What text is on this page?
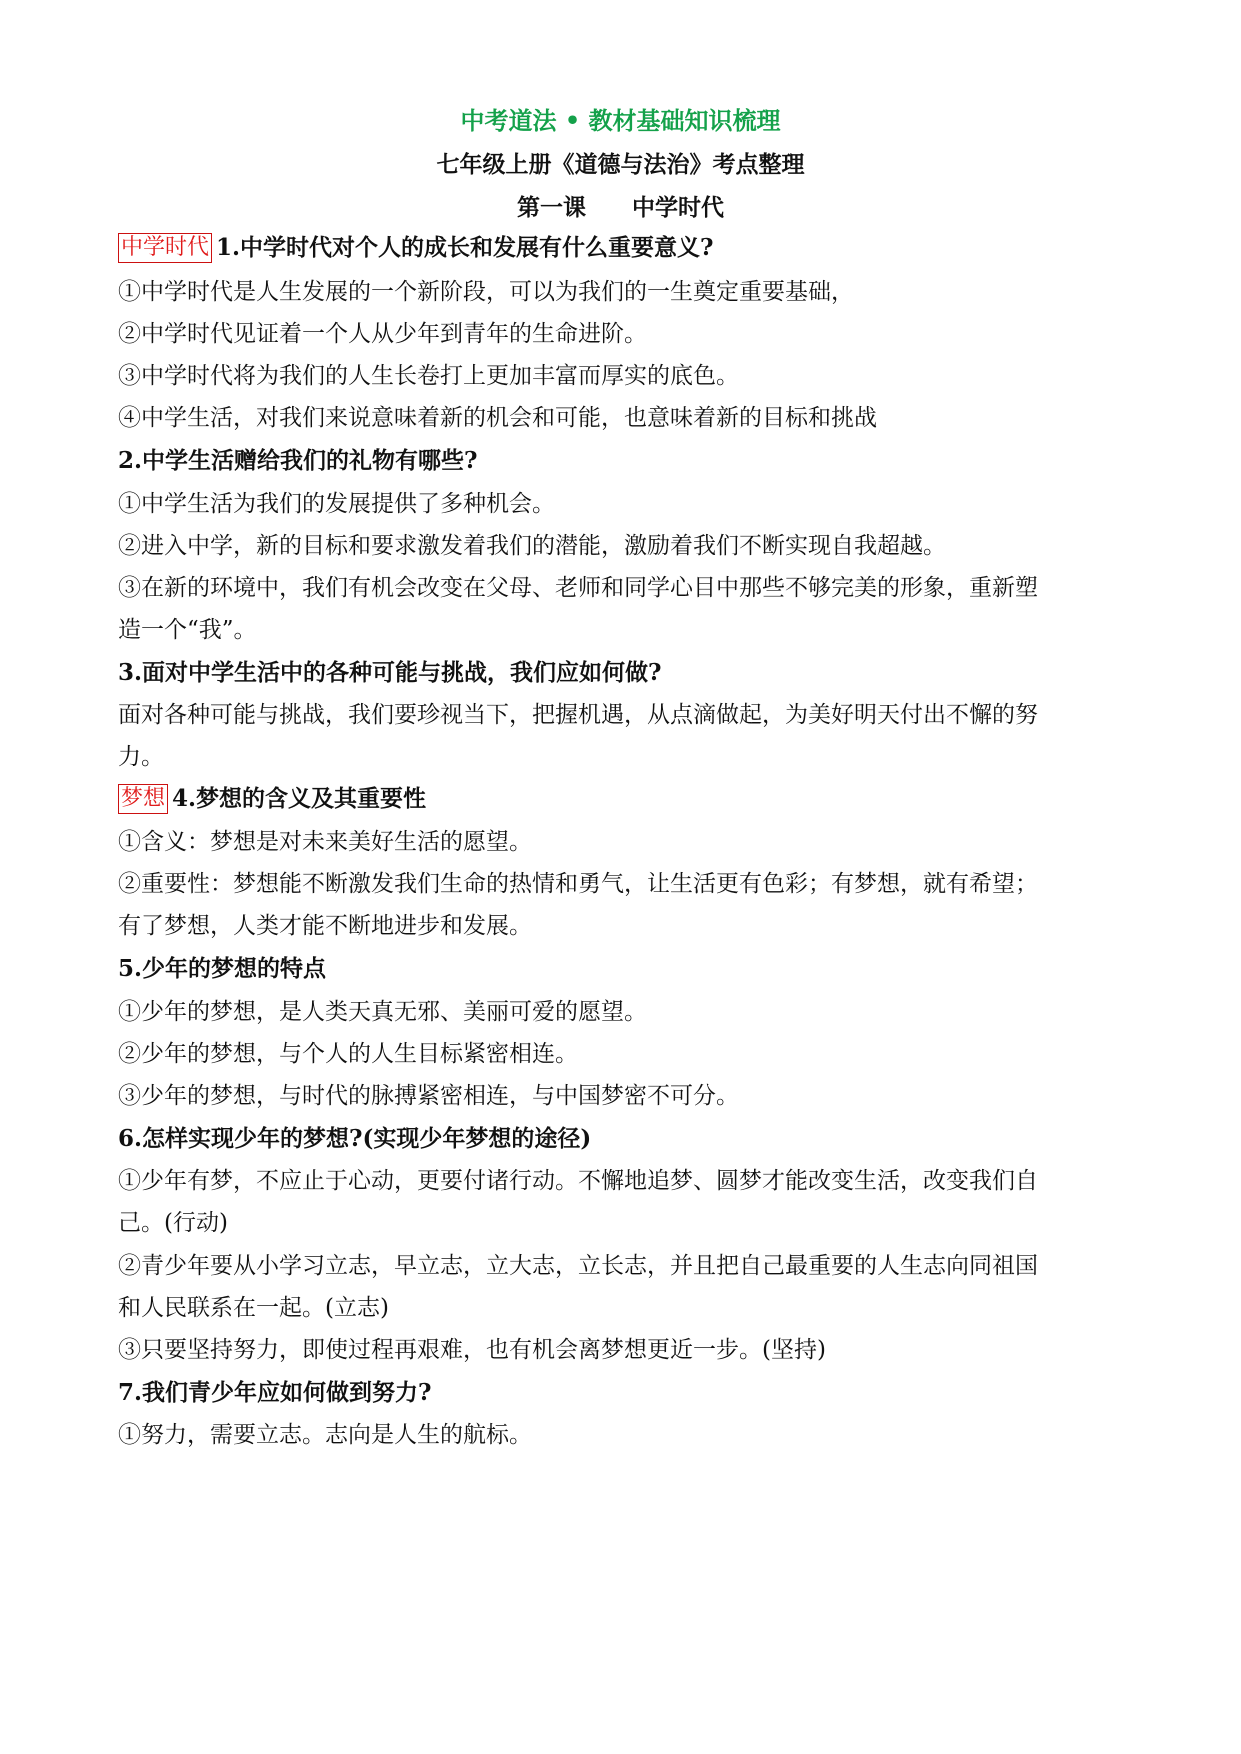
中考道法 • 教材基础知识梳理
七年级上册《道德与法治》考点整理
第一课　　中学时代
中学时代 1.中学时代对个人的成长和发展有什么重要意义?
①中学时代是人生发展的一个新阶段，可以为我们的一生奠定重要基础，
②中学时代见证着一个人从少年到青年的生命进阶。
③中学时代将为我们的人生长卷打上更加丰富而厚实的底色。
④中学生活，对我们来说意味着新的机会和可能，也意味着新的目标和挑战
2.中学生活赠给我们的礼物有哪些?
①中学生活为我们的发展提供了多种机会。
②进入中学，新的目标和要求激发着我们的潜能，激励着我们不断实现自我超越。
③在新的环境中，我们有机会改变在父母、老师和同学心目中那些不够完美的形象，重新塑
造一个“我”。
3.面对中学生活中的各种可能与挑战，我们应如何做?
面对各种可能与挑战，我们要珍视当下，把握机遇，从点滴做起，为美好明天付出不懈的努
力。
梦想 4.梦想的含义及其重要性
①含义：梦想是对未来美好生活的愿望。
②重要性：梦想能不断激发我们生命的热情和勇气，让生活更有色彩；有梦想，就有希望；
有了梦想，人类才能不断地进步和发展。
5.少年的梦想的特点
①少年的梦想，是人类天真无邪、美丽可爱的愿望。
②少年的梦想，与个人的人生目标紧密相连。
③少年的梦想，与时代的脉搏紧密相连，与中国梦密不可分。
6.怎样实现少年的梦想?(实现少年梦想的途径)
①少年有梦，不应止于心动，更要付诸行动。不懈地追梦、圆梦才能改变生活，改变我们自
己。(行动)
②青少年要从小学习立志，早立志，立大志，立长志，并且把自己最重要的人生志向同祖国
和人民联系在一起。(立志)
③只要坚持努力，即使过程再艰难，也有机会离梦想更近一步。(坚持)
7.我们青少年应如何做到努力?
①努力，需要立志。志向是人生的航标。
